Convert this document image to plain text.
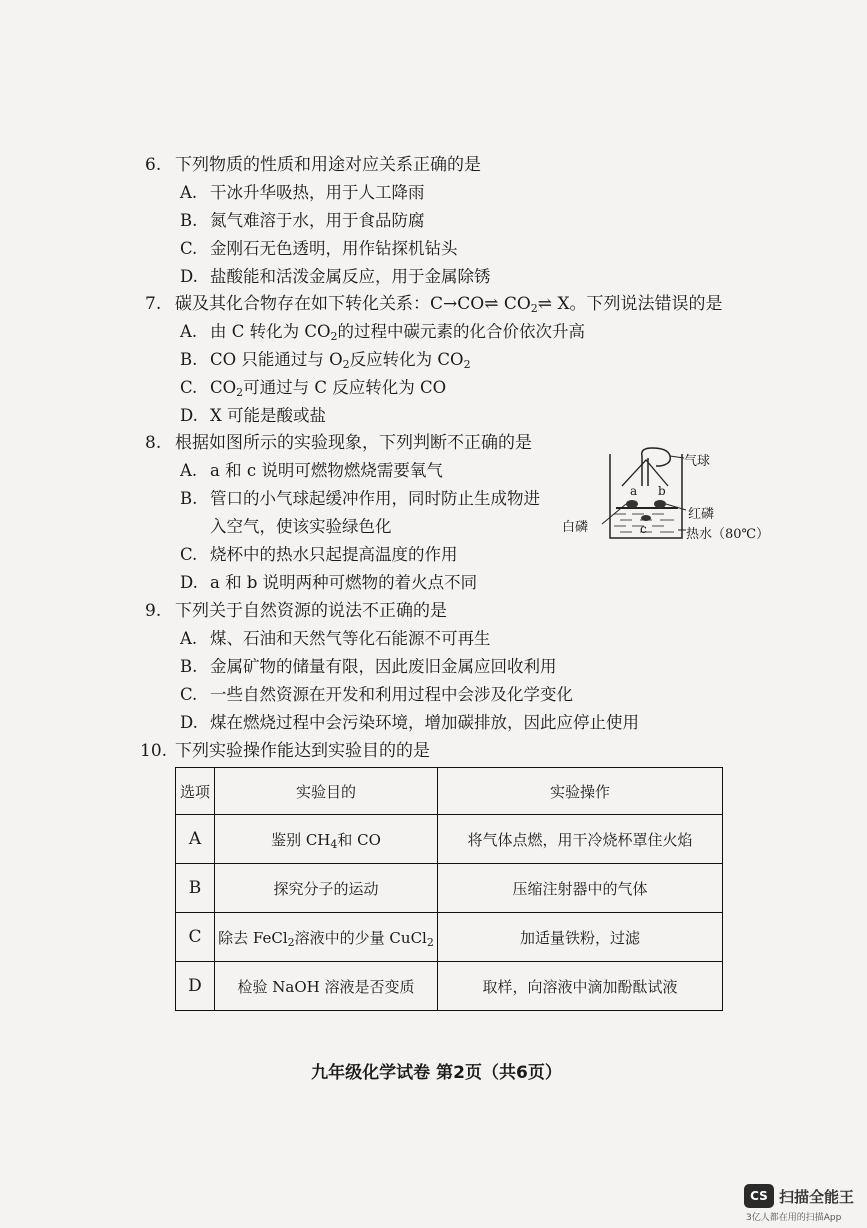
6. 下列物质的性质和用途对应关系正确的是
A. 干冰升华吸热，用于人工降雨
B. 氮气难溶于水，用于食品防腐
C. 金刚石无色透明，用作钻探机钻头
D. 盐酸能和活泼金属反应，用于金属除锈
7. 碳及其化合物存在如下转化关系：C→CO⇌ $CO_2\rightleftharpoons$ X。下列说法错误的是
A. 由 C 转化为 $CO_2$的过程中碳元素的化合价依次升高
B. CO 只能通过与 $O_2$反应转化为 $CO_2$
C. $CO_2$可通过与 C 反应转化为 CO
D. X 可能是酸或盐
8. 根据如图所示的实验现象，下列判断不正确的是
A. a 和 c 说明可燃物燃烧需要氧气
B. 管口的小气球起缓冲作用，同时防止生成物进
入空气，使该实验绿色化
C. 烧杯中的热水只起提高温度的作用
D. a 和 b 说明两种可燃物的着火点不同
气球
红磷
白磷	热水（80℃）
a b
c
9. 下列关于自然资源的说法不正确的是
A. 煤、石油和天然气等化石能源不可再生
B. 金属矿物的储量有限，因此废旧金属应回收利用
C. 一些自然资源在开发和利用过程中会涉及化学变化
D. 煤在燃烧过程中会污染环境，增加碳排放，因此应停止使用
10. 下列实验操作能达到实验目的的是
选项	实验目的	实验操作
A	鉴别 $CH_4$和 CO	将气体点燃，用干冷烧杯罩住火焰
B	探究分子的运动	压缩注射器中的气体
C	除去 FeCl$_2$溶液中的少量 CuCl$_2$	加适量铁粉，过滤
D	检验 NaOH 溶液是否变质	取样，向溶液中滴加酚酞试液
九年级化学试卷 第2页（共6页）
CS 扫描全能王
3亿人都在用的扫描App
